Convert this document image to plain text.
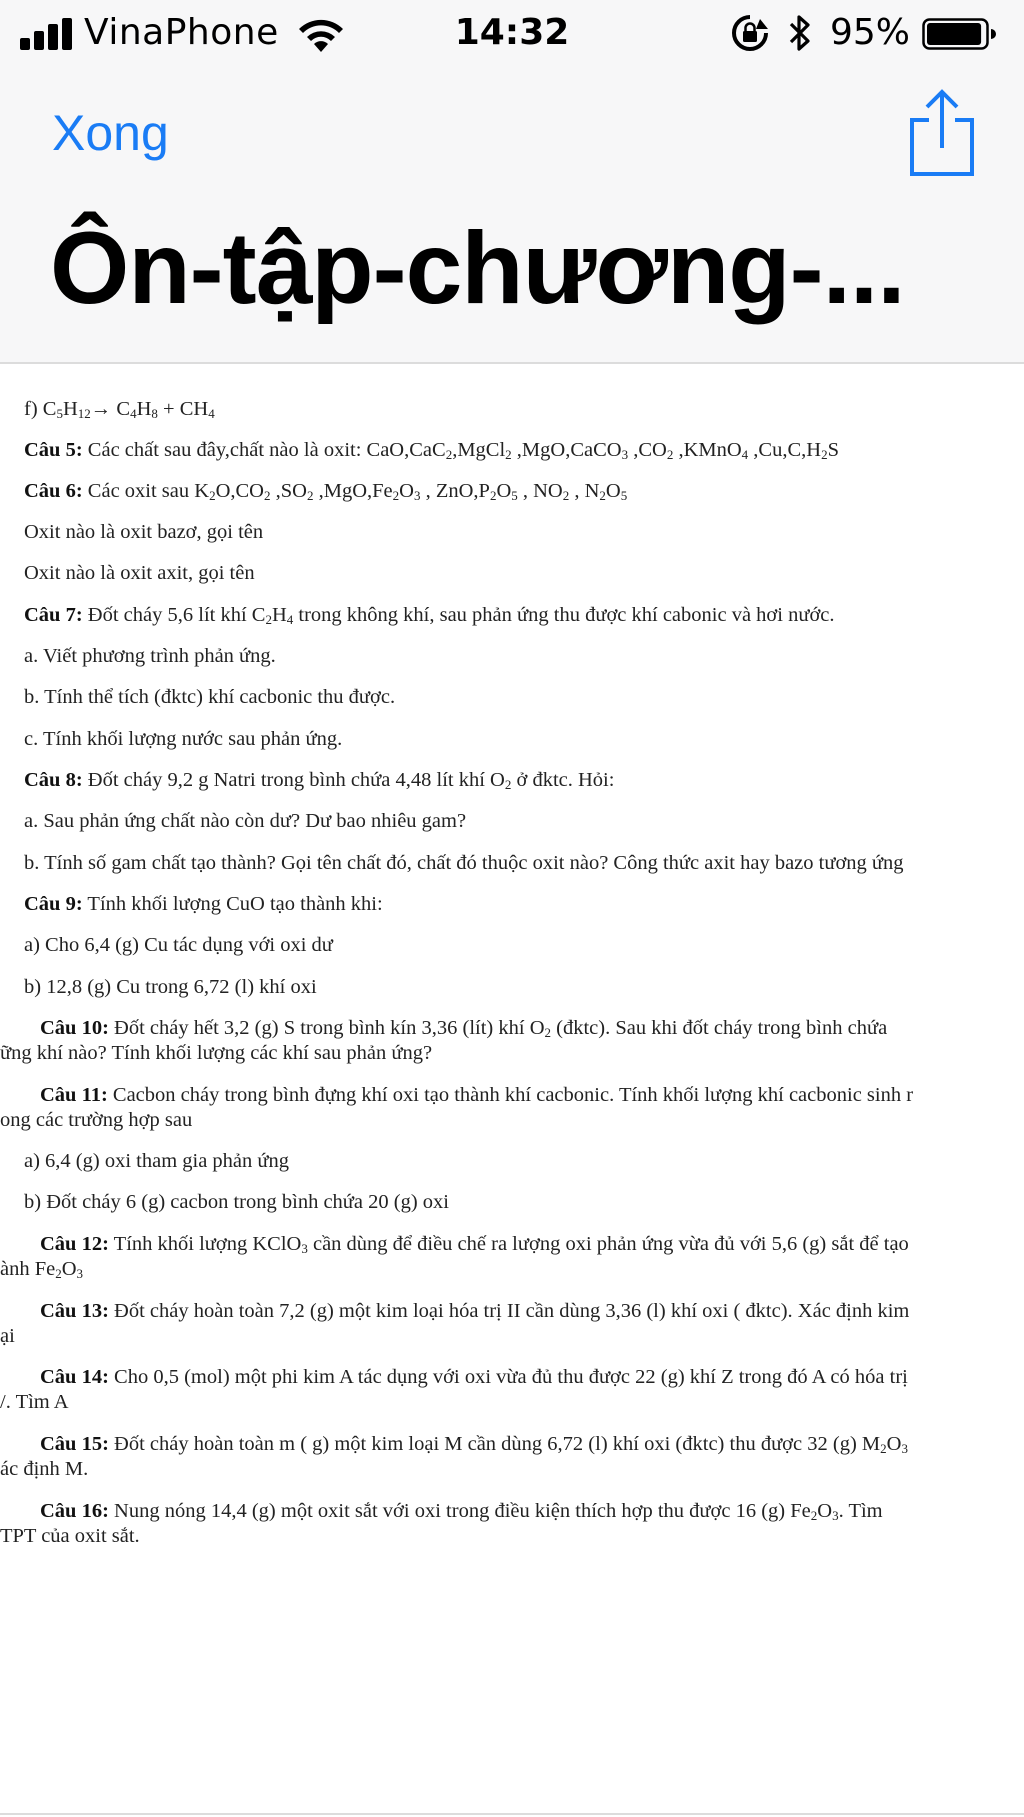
VinaPhone	14:32	95%
Xong
Ôn-tập-chương-...

f) $C_5H_{12}\to C_4H_8 + CH_4$

Câu 5: Các chất sau đây,chất nào là oxit: CaO,CaC$_2$,MgCl$_2$ ,MgO,CaCO$_3$ $,CO_2$ ,KMnO$_4$ $,Cu,C,H_2S$

Câu 6: Các oxit sau $K_2O,CO_2$ $,SO_2$ $,MgO,Fe_2O_3$ , $ZnO,P_2O_5$ , $NO_2$ , $N_2O_5$

Oxit nào là oxit bazơ, gọi tên

Oxit nào là oxit axit, gọi tên

Câu 7: Đốt cháy 5,6 lít khí $C_2H_4$ trong không khí, sau phản ứng thu được khí cabonic và hơi nước.

a. Viết phương trình phản ứng.

b. Tính thể tích (đktc) khí cacbonic thu được.

c. Tính khối lượng nước sau phản ứng.

Câu 8: Đốt cháy 9,2 g Natri trong bình chứa 4,48 lít khí $O_2$ ở đktc. Hỏi:

a. Sau phản ứng chất nào còn dư? Dư bao nhiêu gam?

b. Tính số gam chất tạo thành? Gọi tên chất đó, chất đó thuộc oxit nào? Công thức axit hay bazo tương ứng

Câu 9: Tính khối lượng CuO tạo thành khi:

a) Cho 6,4 (g) Cu tác dụng với oxi dư

b) 12,8 (g) Cu trong 6,72 (l) khí oxi

Câu 10: Đốt cháy hết 3,2 (g) S trong bình kín 3,36 (lít) khí $O_2$ (đktc). Sau khi đốt cháy trong bình chứa

ững khí nào? Tính khối lượng các khí sau phản ứng?

Câu 11: Cacbon cháy trong bình đựng khí oxi tạo thành khí cacbonic. Tính khối lượng khí cacbonic sinh r

ong các trường hợp sau

a) 6,4 (g) oxi tham gia phản ứng

b) Đốt cháy 6 (g) cacbon trong bình chứa 20 (g) oxi

Câu 12: Tính khối lượng KClO$_3$ cần dùng để điều chế ra lượng oxi phản ứng vừa đủ với 5,6 (g) sắt để tạo

ành $Fe_2O_3$

Câu 13: Đốt cháy hoàn toàn 7,2 (g) một kim loại hóa trị II cần dùng 3,36 (l) khí oxi ( đktc). Xác định kim

ại

Câu 14: Cho 0,5 (mol) một phi kim A tác dụng với oxi vừa đủ thu được 22 (g) khí Z trong đó A có hóa trị

/. Tìm A

Câu 15: Đốt cháy hoàn toàn m ( g) một kim loại M cần dùng 6,72 (l) khí oxi (đktc) thu được 32 (g) $M_2O_3$

ác định M.

Câu 16: Nung nóng 14,4 (g) một oxit sắt với oxi trong điều kiện thích hợp thu được 16 (g) $Fe_2O_3$. Tìm

TPT của oxit sắt.
